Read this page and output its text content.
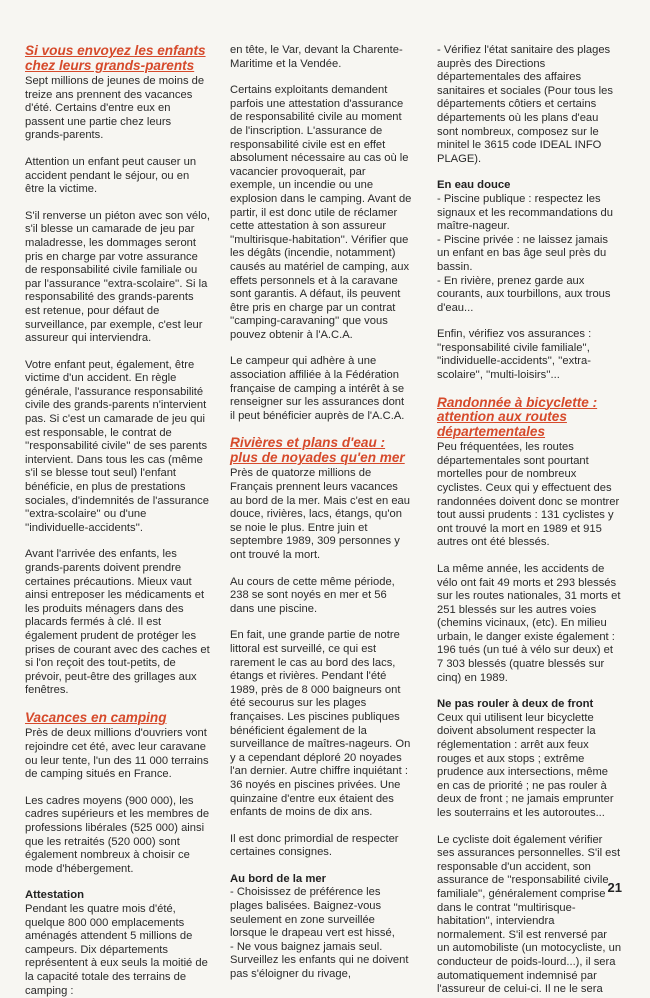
Si vous envoyez les enfants chez leurs grands-parents

Sept millions de jeunes de moins de treize ans prennent des vacances d'été. Certains d'entre eux en passent une partie chez leurs grands-parents.

Attention un enfant peut causer un accident pendant le séjour, ou en être la victime.

S'il renverse un piéton avec son vélo, s'il blesse un camarade de jeu par maladresse, les dommages seront pris en charge par votre assurance de responsabilité civile familiale ou par l'assurance ''extra-scolaire''. Si la responsabilité des grands-parents est retenue, pour défaut de surveillance, par exemple, c'est leur assureur qui interviendra.

Votre enfant peut, également, être victime d'un accident. En règle générale, l'assurance responsabilité civile des grands-parents n'intervient pas. Si c'est un camarade de jeu qui est responsable, le contrat de ''responsabilité civile'' de ses parents intervient. Dans tous les cas (même s'il se blesse tout seul) l'enfant bénéficie, en plus de prestations sociales, d'indemnités de l'assurance ''extra-scolaire'' ou d'une ''individuelle-accidents''.

Avant l'arrivée des enfants, les grands-parents doivent prendre certaines précautions. Mieux vaut ainsi entreposer les médicaments et les produits ménagers dans des placards fermés à clé. Il est également prudent de protéger les prises de courant avec des caches et si l'on reçoit des tout-petits, de prévoir, peut-être des grillages aux fenêtres.

Vacances en camping

Près de deux millions d'ouvriers vont rejoindre cet été, avec leur caravane ou leur tente, l'un des 11 000 terrains de camping situés en France.

Les cadres moyens (900 000), les cadres supérieurs et les membres de professions libérales (525 000) ainsi que les retraités (520 000) sont également nombreux à choisir ce mode d'hébergement.

Attestation

Pendant les quatre mois d'été, quelque 800 000 emplacements aménagés attendent 5 millions de campeurs. Dix départements représentent à eux seuls la moitié de la capacité totale des terrains de camping :

en tête, le Var, devant la Charente-Maritime et la Vendée.

Certains exploitants demandent parfois une attestation d'assurance de responsabilité civile au moment de l'inscription. L'assurance de responsabilité civile est en effet absolument nécessaire au cas où le vacancier provoquerait, par exemple, un incendie ou une explosion dans le camping. Avant de partir, il est donc utile de réclamer cette attestation à son assureur ''multirisque-habitation''. Vérifier que les dégâts (incendie, notamment) causés au matériel de camping, aux effets personnels et à la caravane sont garantis. A défaut, ils peuvent être pris en charge par un contrat ''camping-caravaning'' que vous pouvez obtenir à l'A.C.A.

Le campeur qui adhère à une association affiliée à la Fédération française de camping a intérêt à se renseigner sur les assurances dont il peut bénéficier auprès de l'A.C.A.

Rivières et plans d'eau : plus de noyades qu'en mer

Près de quatorze millions de Français prennent leurs vacances au bord de la mer. Mais c'est en eau douce, rivières, lacs, étangs, qu'on se noie le plus. Entre juin et septembre 1989, 309 personnes y ont trouvé la mort.

Au cours de cette même période, 238 se sont noyés en mer et 56 dans une piscine.

En fait, une grande partie de notre littoral est surveillé, ce qui est rarement le cas au bord des lacs, étangs et rivières. Pendant l'été 1989, près de 8 000 baigneurs ont été secourus sur les plages françaises. Les piscines publiques bénéficient également de la surveillance de maîtres-nageurs. On y a cependant déploré 20 noyades l'an dernier. Autre chiffre inquiétant : 36 noyés en piscines privées. Une quinzaine d'entre eux étaient des enfants de moins de dix ans.

Il est donc primordial de respecter certaines consignes.

Au bord de la mer

- Choisissez de préférence les plages balisées. Baignez-vous seulement en zone surveillée lorsque le drapeau vert est hissé,

- Ne vous baignez jamais seul. Surveillez les enfants qui ne doivent pas s'éloigner du rivage,

- Vérifiez l'état sanitaire des plages auprès des Directions départementales des affaires sanitaires et sociales (Pour tous les départements côtiers et certains départements où les plans d'eau sont nombreux, composez sur le minitel le 3615 code IDEAL INFO PLAGE).

En eau douce

- Piscine publique : respectez les signaux et les recommandations du maître-nageur.

- Piscine privée : ne laissez jamais un enfant en bas âge seul près du bassin.

- En rivière, prenez garde aux courants, aux tourbillons, aux trous d'eau...

Enfin, vérifiez vos assurances : ''responsabilité civile familiale'', ''individuelle-accidents'', ''extra-scolaire'', ''multi-loisirs''...

Randonnée à bicyclette : attention aux routes départementales

Peu fréquentées, les routes départementales sont pourtant mortelles pour de nombreux cyclistes. Ceux qui y effectuent des randonnées doivent donc se montrer tout aussi prudents : 131 cyclistes y ont trouvé la mort en 1989 et 915 autres ont été blessés.

La même année, les accidents de vélo ont fait 49 morts et 293 blessés sur les routes nationales, 31 morts et 251 blessés sur les autres voies (chemins vicinaux, (etc). En milieu urbain, le danger existe également : 196 tués (un tué à vélo sur deux) et 7 303 blessés (quatre blessés sur cinq) en 1989.

Ne pas rouler à deux de front

Ceux qui utilisent leur bicyclette doivent absolument respecter la réglementation : arrêt aux feux rouges et aux stops ; extrême prudence aux intersections, même en cas de priorité ; ne pas rouler à deux de front ; ne jamais emprunter les souterrains et les autoroutes...

Le cycliste doit également vérifier ses assurances personnelles. S'il est responsable d'un accident, son assurance de ''responsabilité civile familiale'', généralement comprise dans le contrat ''multirisque-habitation'', interviendra normalement. S'il est renversé par un automobiliste (un motocycliste, un conducteur de poids-lourd...), il sera automatiquement indemnisé par l'assureur de celui-ci. Il ne le sera

21
